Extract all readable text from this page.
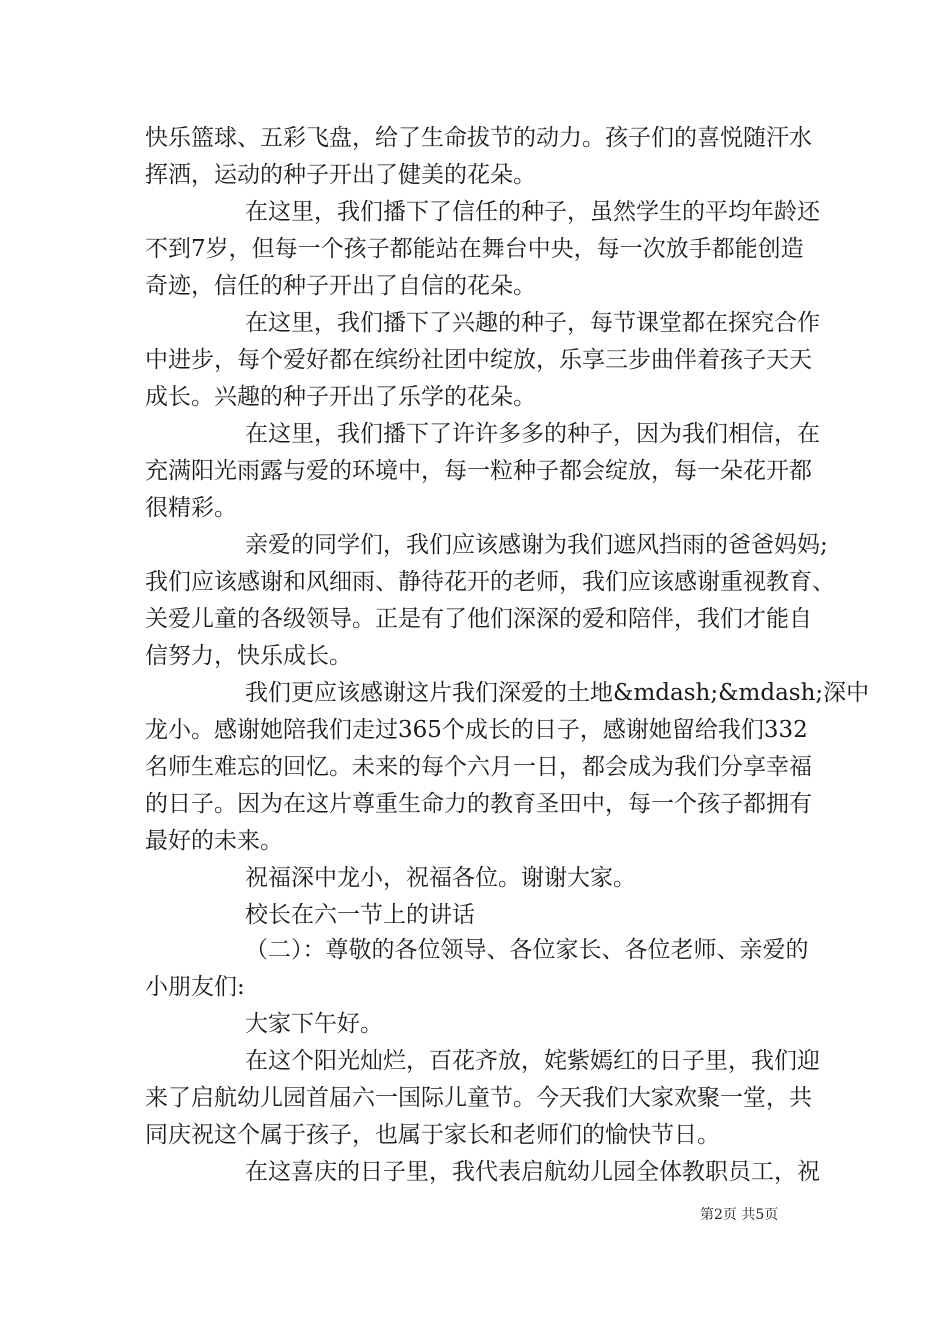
快乐篮球、五彩飞盘，给了生命拔节的动力。孩子们的喜悦随汗水
挥洒，运动的种子开出了健美的花朵。
在这里，我们播下了信任的种子，虽然学生的平均年龄还
不到7岁，但每一个孩子都能站在舞台中央，每一次放手都能创造
奇迹，信任的种子开出了自信的花朵。
在这里，我们播下了兴趣的种子，每节课堂都在探究合作
中进步，每个爱好都在缤纷社团中绽放，乐享三步曲伴着孩子天天
成长。兴趣的种子开出了乐学的花朵。
在这里，我们播下了许许多多的种子，因为我们相信，在
充满阳光雨露与爱的环境中，每一粒种子都会绽放，每一朵花开都
很精彩。
亲爱的同学们，我们应该感谢为我们遮风挡雨的爸爸妈妈;
我们应该感谢和风细雨、静待花开的老师，我们应该感谢重视教育、
关爱儿童的各级领导。正是有了他们深深的爱和陪伴，我们才能自
信努力，快乐成长。
我们更应该感谢这片我们深爱的土地&mdash;&mdash;深中
龙小。感谢她陪我们走过365个成长的日子，感谢她留给我们332
名师生难忘的回忆。未来的每个六月一日，都会成为我们分享幸福
的日子。因为在这片尊重生命力的教育圣田中，每一个孩子都拥有
最好的未来。
祝福深中龙小，祝福各位。谢谢大家。
校长在六一节上的讲话
（二）：尊敬的各位领导、各位家长、各位老师、亲爱的
小朋友们:
大家下午好。
在这个阳光灿烂，百花齐放，姹紫嫣红的日子里，我们迎
来了启航幼儿园首届六一国际儿童节。今天我们大家欢聚一堂，共
同庆祝这个属于孩子，也属于家长和老师们的愉快节日。
在这喜庆的日子里，我代表启航幼儿园全体教职员工，祝
第2页 共5页
